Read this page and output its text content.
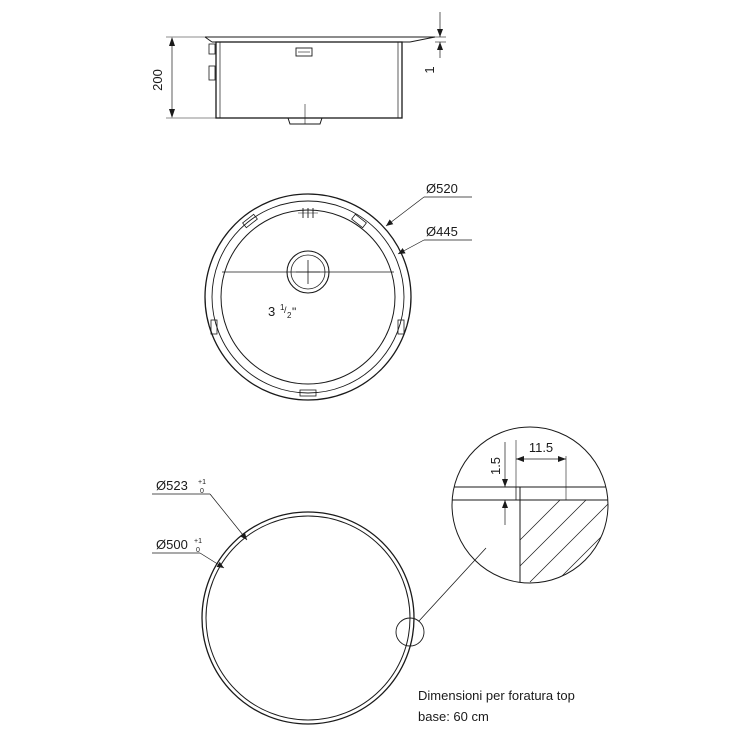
200	1
3 1 /
2 "
Ø520
Ø445
Ø523 +1
0
Ø500 +1
0
11.5
1.5
Dimensioni per foratura top
base: 60 cm
